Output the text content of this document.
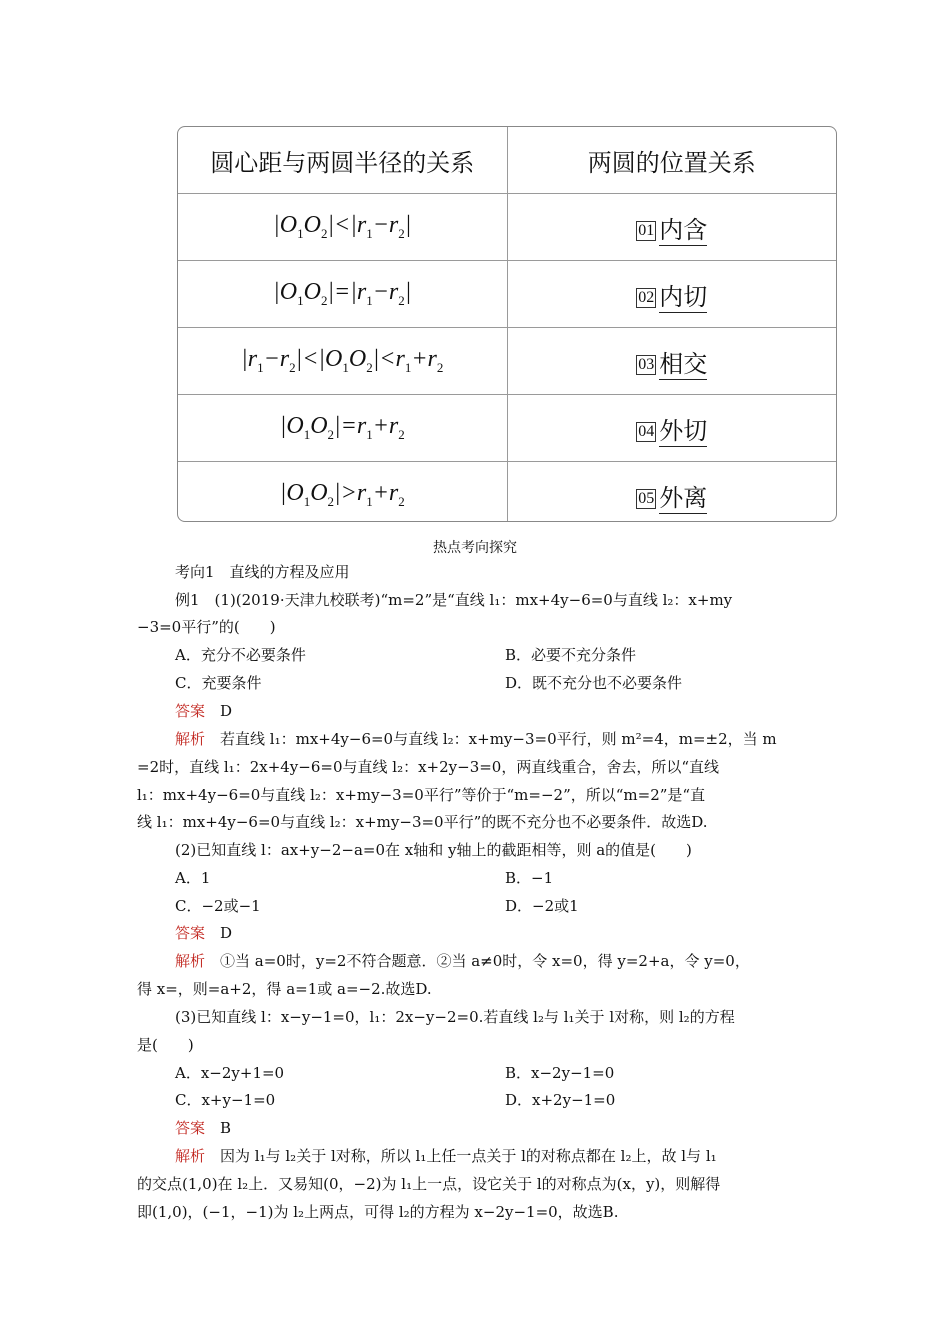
圆心距与两圆半径的关系	两圆的位置关系
$|O_1O_2|<|r_1-r_2|$	01 内含
$|O_1O_2|=|r_1-r_2|$	02 内切
$|r_1-r_2|<|O_1O_2|<r_1+r_2$	03 相交
$|O_1O_2|=r_1+r_2$	04 外切
$|O_1O_2|>r_1+r_2$	05 外离
热点考向探究
考向1　直线的方程及应用
例1　(1)(2019·天津九校联考)“m=2”是“直线 l₁：mx+4y−6=0与直线 l₂：x+my
−3=0平行”的(　　)
A．充分不必要条件	B．必要不充分条件
C．充要条件	D．既不充分也不必要条件
答案　 D
解析　 若直线 l₁：mx+4y−6=0与直线 l₂：x+my−3=0平行，则 m²=4，m=±2，当 m
=2时，直线 l₁：2x+4y−6=0与直线 l₂：x+2y−3=0，两直线重合，舍去，所以“直线
l₁：mx+4y−6=0与直线 l₂：x+my−3=0平行”等价于“m=−2”，所以“m=2”是“直
线 l₁：mx+4y−6=0与直线 l₂：x+my−3=0平行”的既不充分也不必要条件．故选D.
(2)已知直线 l：ax+y−2−a=0在 x轴和 y轴上的截距相等，则 a的值是(　　)
A．1	B．−1
C．−2或−1	D．−2或1
答案　 D
解析　 ①当 a=0时，y=2不符合题意．②当 a≠0时，令 x=0，得 y=2+a，令 y=0，
得 x=，则=a+2，得 a=1或 a=−2.故选D.
(3)已知直线 l：x−y−1=0，l₁：2x−y−2=0.若直线 l₂与 l₁关于 l对称，则 l₂的方程
是(　　)
A．x−2y+1=0	B．x−2y−1=0
C．x+y−1=0	D．x+2y−1=0
答案　 B
解析　 因为 l₁与 l₂关于 l对称，所以 l₁上任一点关于 l的对称点都在 l₂上，故 l与 l₁
的交点(1,0)在 l₂上．又易知(0，−2)为 l₁上一点，设它关于 l的对称点为(x，y)，则解得
即(1,0)，(−1，−1)为 l₂上两点，可得 l₂的方程为 x−2y−1=0，故选B.
